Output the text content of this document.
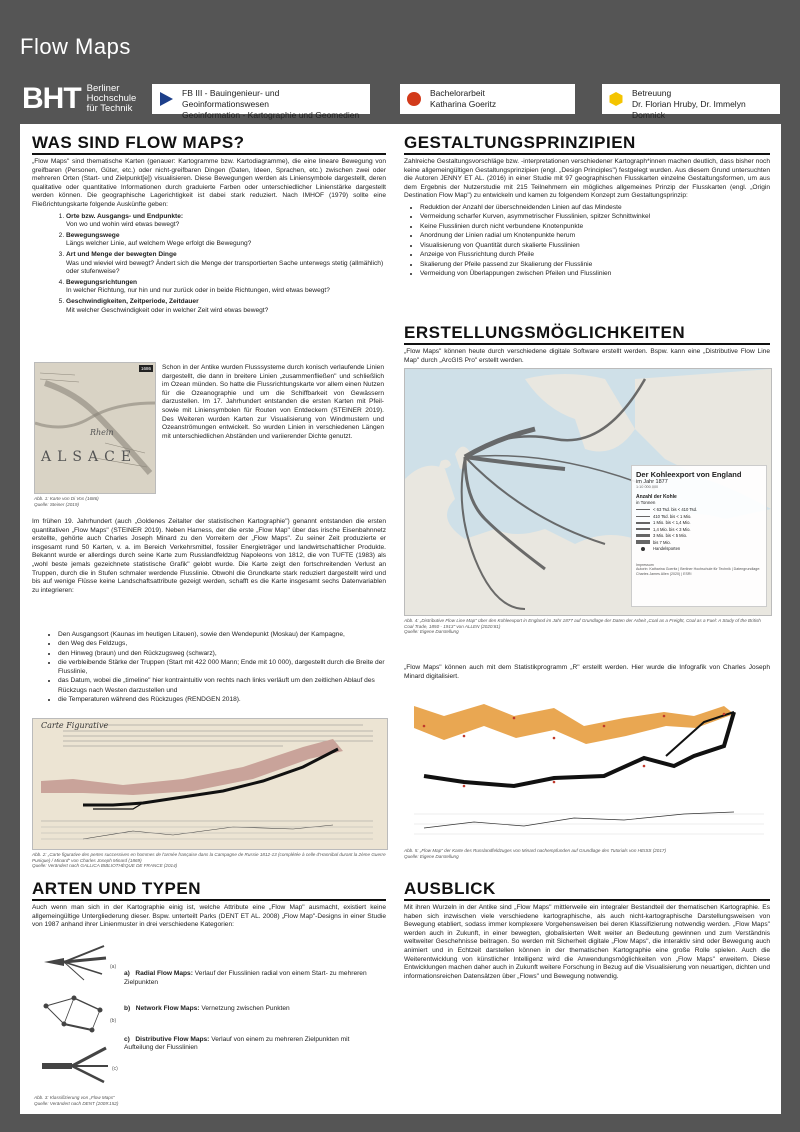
Flow Maps
BHT Berliner
Hochschule
für Technik
FB III - Bauingenieur- und Geoinformationswesen
Geoinformation - Kartographie und Geomedien
Bachelorarbeit
Katharina Goeritz
Betreuung
Dr. Florian Hruby, Dr. Immelyn Domnick
WAS SIND FLOW MAPS?

„Flow Maps" sind thematische Karten (genauer: Kartogramme bzw. Kartodiagramme), die eine lineare Bewegung von greifbaren (Personen, Güter, etc.) oder nicht-greifbaren Dingen (Daten, Ideen, Sprachen, etc.) zwischen zwei oder mehreren Orten (Start- und Zielpunkt[e]) visualisieren. Diese Bewegungen werden als Liniensymbole dargestellt, deren qualitative oder quantitative Informationen durch graduierte Farben oder unterschiedlicher Linienstärke dargestellt werden können. Die geographische Lagerichtigkeit ist dabei stark reduziert. Nach IMHOF (1979) sollte eine Fließrichtungskarte folgende Auskünfte geben:

1. Orte bzw. Ausgangs- und Endpunkte:
Von wo und wohin wird etwas bewegt?
2. Bewegungswege
Längs welcher Linie, auf welchem Wege erfolgt die Bewegung?
3. Art und Menge der bewegten Dinge
Was und wieviel wird bewegt? Ändert sich die Menge der transportierten Sache unterwegs stetig (allmählich) oder stufenweise?
4. Bewegungsrichtungen
In welcher Richtung, nur hin und nur zurück oder in beide Richtungen, wird etwas bewegt?
5. Geschwindigkeiten, Zeitperiode, Zeitdauer
Mit welcher Geschwindigkeit oder in welcher Zeit wird etwas bewegt?
Rhein
ALSACE
1686
Abb. 1: Karte von Di Vos (1686)
Quelle: Steiner (2019)

Schon in der Antike wurden Flusssysteme durch konisch verlaufende Linien dargestellt, die dann in breitere Linien „zusammenfließen" und schließlich im Ozean münden. So hatte die Flussrichtungskarte vor allem einen Nutzen für die Ozeanographie und um die Schiffbarkeit von Gewässern darzustellen. Im 17. Jahrhundert entstanden die ersten Karten mit Pfeil- sowie mit Liniensymbolen für Routen von Entdeckern (STEINER 2019). Des Weiteren wurden Karten zur Visualisierung von Windmustern und Ozeanströmungen entwickelt. So wurden Linien in verschiedenen Längen mit unterschiedlichen Abständen und variierender Dichte genutzt.

Im frühen 19. Jahrhundert (auch „Goldenes Zeitalter der statistischen Kartographie") genannt entstanden die ersten quantitativen „Flow Maps" (STEINER 2019). Neben Harness, der die erste „Flow Map" über das irische Eisenbahnnetz erstellte, gehörte auch Charles Joseph Minard zu den Vorreitern der „Flow Maps". Zu seiner Zeit produzierte er insgesamt rund 50 Karten, v. a. im Bereich Verkehrsmittel, fossiler Energieträger und landwirtschaftlicher Produkte. Bekannt wurde er allerdings durch seine Karte zum Russlandfeldzug Napoleons von 1812, die von TUFTE (1983) als „wohl beste jemals gezeichnete statistische Grafik" gelobt wurde. Die Karte zeigt den fortschreitenden Verlust an Truppen, durch die in Stufen schmaler werdende Flusslinie. Obwohl die Grundkarte stark reduziert dargestellt wird und bis auf wenige Flüsse keine Landschaftsattribute gezeigt werden, schafft es die Karte insgesamt sechs Datenvariablen zu integrieren:

• Den Ausgangsort (Kaunas im heutigen Litauen), sowie den Wendepunkt (Moskau) der Kampagne,
• den Weg des Feldzugs,
• den Hinweg (braun) und den Rückzugsweg (schwarz),
• die verbleibende Stärke der Truppen (Start mit 422 000 Mann; Ende mit 10 000), dargestellt durch die Breite der Flusslinie,
• das Datum, wobei die „timeline" hier kontraintuitiv von rechts nach links verläuft um den zeitlichen Ablauf des Rückzugs nach Westen darzustellen und
• die Temperaturen während des Rückzuges (RENDGEN 2018).
Carte Figurative
Abb. 2: „Carte figurative des pertes successives en hommes de l'armée française dans la Campagne de Russie 1812-13 (complétée à celle d'Hannibal durant la 2ème Guerre Punique) / Minard" von Charles Joseph Minard (1869)
Quelle: Verändert nach GALLICA BIBLIOTHÈQUE DE FRANCE (2014)
ARTEN UND TYPEN

Auch wenn man sich in der Kartographie einig ist, welche Attribute eine „Flow Map" ausmacht, existiert keine allgemeingültige Untergliederung dieser. Bspw. unterteilt Parks (DENT ET AL. 2008) „Flow Map"-Designs in einer Studie von 1987 anhand ihrer Linienmuster in drei verschiedene Kategorien:

(a)
(b)
(c)
Abb. 3: Klassifizierung von „Flow Maps"
Quelle: Verändert nach DENT (2009:152)
a) Radial Flow Maps: Verlauf der Flusslinien radial von einem Start- zu mehreren Zielpunkten
b) Network Flow Maps: Vernetzung zwischen Punkten
c) Distributive Flow Maps: Verlauf von einem zu mehreren Zielpunkten mit Aufteilung der Flusslinien
GESTALTUNGSPRINZIPIEN

Zahlreiche Gestaltungsvorschläge bzw. -interpretationen verschiedener Kartograph*innen machen deutlich, dass bisher noch keine allgemeingültigen Gestaltungsprinzipien (engl. „Design Principles") festgelegt wurden. Aus diesem Grund untersuchten die Autoren JENNY ET AL. (2016) in einer Studie mit 97 geographischen Flusskarten einzelne Gestaltungsformen, um aus dem Ergebnis der Nutzerstudie mit 215 Teilnehmern ein mögliches allgemeines Prinzip der Flusskarten (engl. „Origin Destination Flow Map") zu entwickeln und kamen zu folgendem Konzept zum Gestaltungsprinzip:

• Reduktion der Anzahl der überschneidenden Linien auf das Mindeste
• Vermeidung scharfer Kurven, asymmetrischer Flusslinien, spitzer Schnittwinkel
• Keine Flusslinien durch nicht verbundene Knotenpunkte
• Anordnung der Linien radial um Knotenpunkte herum
• Visualisierung von Quantität durch skalierte Flusslinien
• Anzeige von Flussrichtung durch Pfeile
• Skalierung der Pfeile passend zur Skalierung der Flusslinie
• Vermeidung von Überlappungen zwischen Pfeilen und Flusslinien
ERSTELLUNGSMÖGLICHKEITEN

„Flow Maps" können heute durch verschiedene digitale Software erstellt werden. Bspw. kann eine „Distributive Flow Line Map" durch „ArcGIS Pro" erstellt werden.

Der Kohleexport von England
im Jahr 1877
1:10 000 000
Anzahl der Kohle
in Tonnen
< 63 Tsd. bis < 410 Tsd.
410 Tsd. bis < 1 Mio.
1 Mio. bis < 1,4 Mio.
1,4 Mio. bis < 3 Mio.
3 Mio. bis < 5 Mio.
bis 7 Mio.
Handelsporten
Impressum
Autorin: Katharina Goeritz | Berliner Hochschule für Technik | Datengrundlage: Charles James Allen (2020) | ESRI
Abb. 4: „Distributive Flow Line Map" über den Kohleexport in England im Jahr 1877 auf Grundlage der Daten der Arbeit „Coal as a Freight, Coal as a Fuel: A Study of the British Coal Trade, 1850 - 1913" von ALLEN (2020:81)
Quelle: Eigene Darstellung

„Flow Maps" können auch mit dem Statistikprogramm „R" erstellt werden. Hier wurde die Infografik von Charles Joseph Minard digitalisiert.

Abb. 5: „Flow Map" der Karte des Russlandfeldzuges von Minard nachempfunden auf Grundlage des Tutorials von HEISS (2017)
Quelle: Eigene Darstellung
AUSBLICK

Mit ihren Wurzeln in der Antike sind „Flow Maps" mittlerweile ein integraler Bestandteil der thematischen Kartographie. Es haben sich inzwischen viele verschiedene kartographische, als auch nicht-kartographische Darstellungsweisen von Bewegung etabliert, sodass immer komplexere Vorgehensweisen bei deren Klassifizierung notwendig werden. „Flow Maps" werden auch in Zukunft, in einer bewegten, globalisierten Welt weiter an Bedeutung gewinnen und zum Verständnis weltweiter Geschehnisse beitragen. So werden mit Sicherheit digitale „Flow Maps", die interaktiv sind oder Bewegung auch animiert und in Echtzeit darstellen können in der thematischen Kartographie eine große Rolle spielen. Auch die Weiterentwicklung von künstlicher Intelligenz wird die Anwendungsmöglichkeiten von „Flow Maps" erweitern. Diese Entwicklungen machen daher auch in Zukunft weitere Forschung in Bezug auf die Visualisierung von neuartigen, dichten und informationsreichen Datensätzen über „Flows" und Bewegung notwendig.
